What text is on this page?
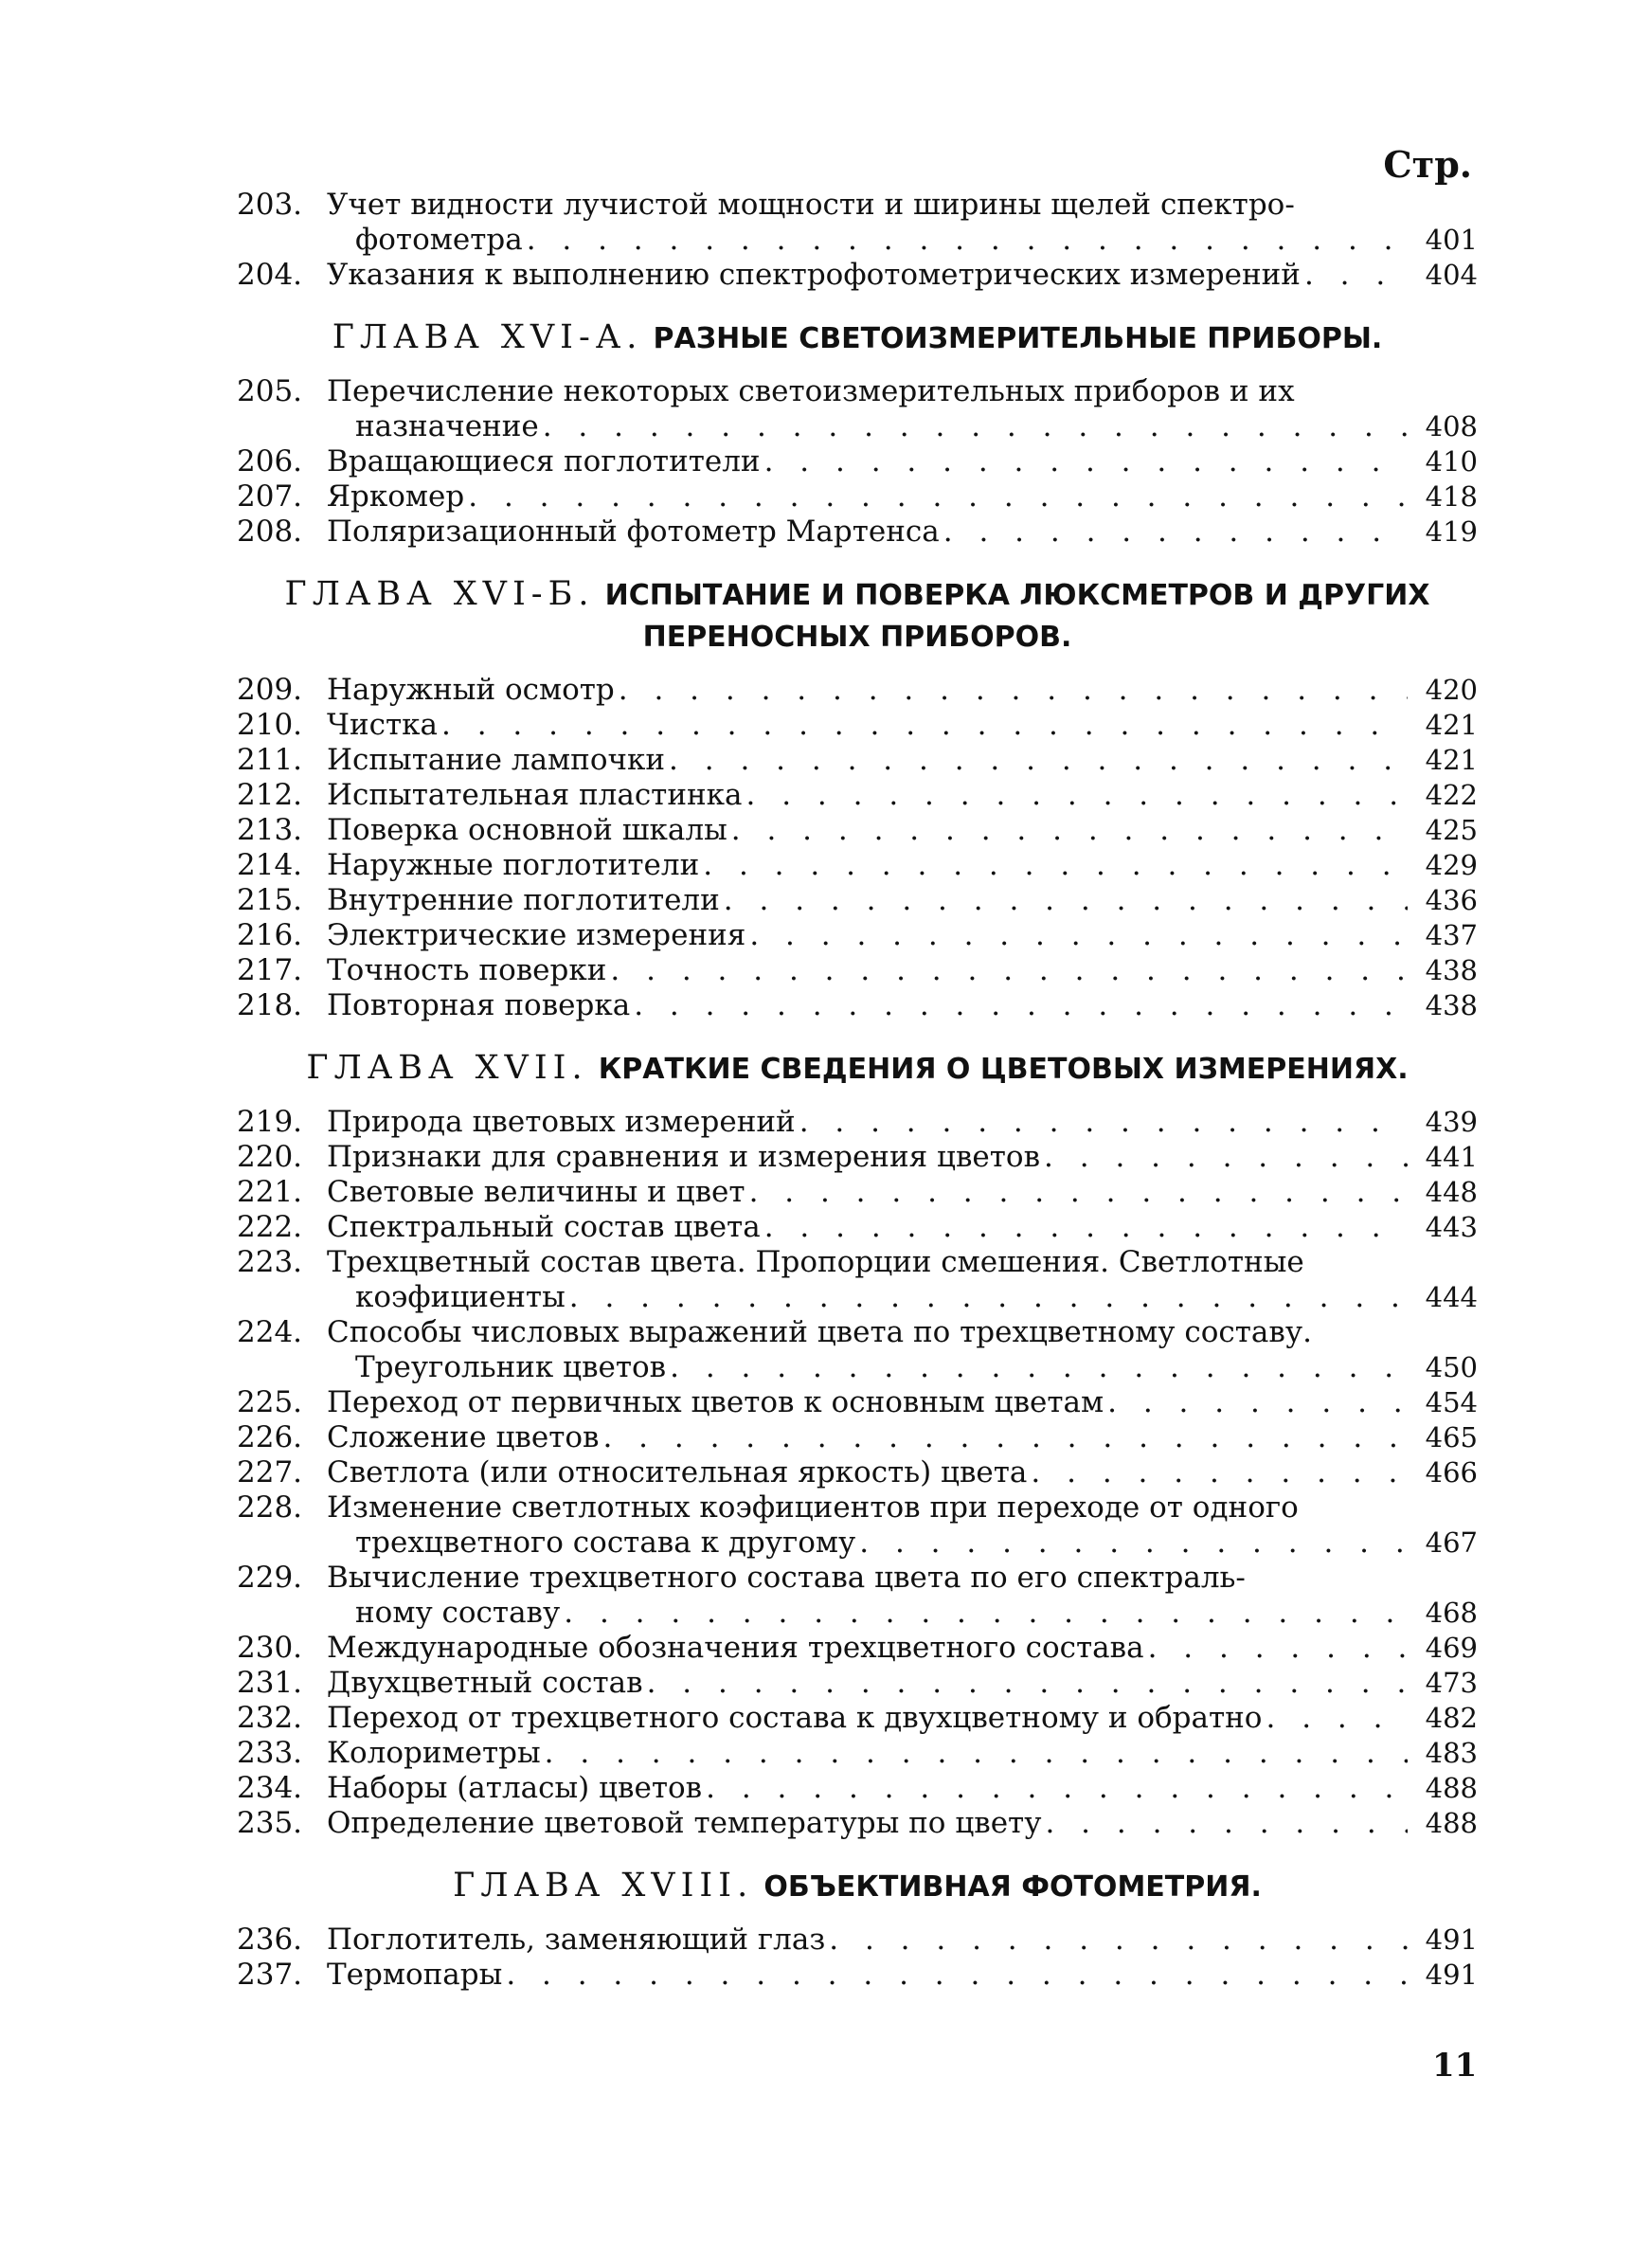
Стр.
203. Учет видности лучистой мощности и ширины щелей спектро-
фотометра . . .	401
204. Указания к выполнению спектрофотометрических измерений . . .	404
ГЛАВА XVI-А. РАЗНЫЕ СВЕТОИЗМЕРИТЕЛЬНЫЕ ПРИБОРЫ.
205. Перечисление некоторых светоизмерительных приборов и их
назначение . . .	408
206. Вращающиеся поглотители . . .	410
207. Яркомер . . .	418
208. Поляризационный фотометр Мартенса . . .	419
ГЛАВА XVI-Б. ИСПЫТАНИЕ И ПОВЕРКА ЛЮКСМЕТРОВ И ДРУГИХ
ПЕРЕНОСНЫХ ПРИБОРОВ.
209. Наружный осмотр . . .	420
210. Чистка . . .	421
211. Испытание лампочки . . .	421
212. Испытательная пластинка . . .	422
213. Поверка основной шкалы . . .	425
214. Наружные поглотители . . .	429
215. Внутренние поглотители . . .	436
216. Электрические измерения . . .	437
217. Точность поверки . . .	438
218. Повторная поверка . . .	438
ГЛАВА XVII. КРАТКИЕ СВЕДЕНИЯ О ЦВЕТОВЫХ ИЗМЕРЕНИЯХ.
219. Природа цветовых измерений . . .	439
220. Признаки для сравнения и измерения цветов . . .	441
221. Световые величины и цвет . . .	448
222. Спектральный состав цвета . . .	443
223. Трехцветный состав цвета. Пропорции смешения. Светлотные
коэфициенты . . .	444
224. Способы числовых выражений цвета по трехцветному составу.
Треугольник цветов . . .	450
225. Переход от первичных цветов к основным цветам . . .	454
226. Сложение цветов . . .	465
227. Светлота (или относительная яркость) цвета . . .	466
228. Изменение светлотных коэфициентов при переходе от одного
трехцветного состава к другому . . .	467
229. Вычисление трехцветного состава цвета по его спектраль-
ному составу . . .	468
230. Международные обозначения трехцветного состава . . .	469
231. Двухцветный состав . . .	473
232. Переход от трехцветного состава к двухцветному и обратно . . .	482
233. Колориметры . . .	483
234. Наборы (атласы) цветов . . .	488
235. Определение цветовой температуры по цвету . . .	488
ГЛАВА XVIII. ОБЪЕКТИВНАЯ ФОТОМЕТРИЯ.
236. Поглотитель, заменяющий глаз . . .	491
237. Термопары . . .	491
11
